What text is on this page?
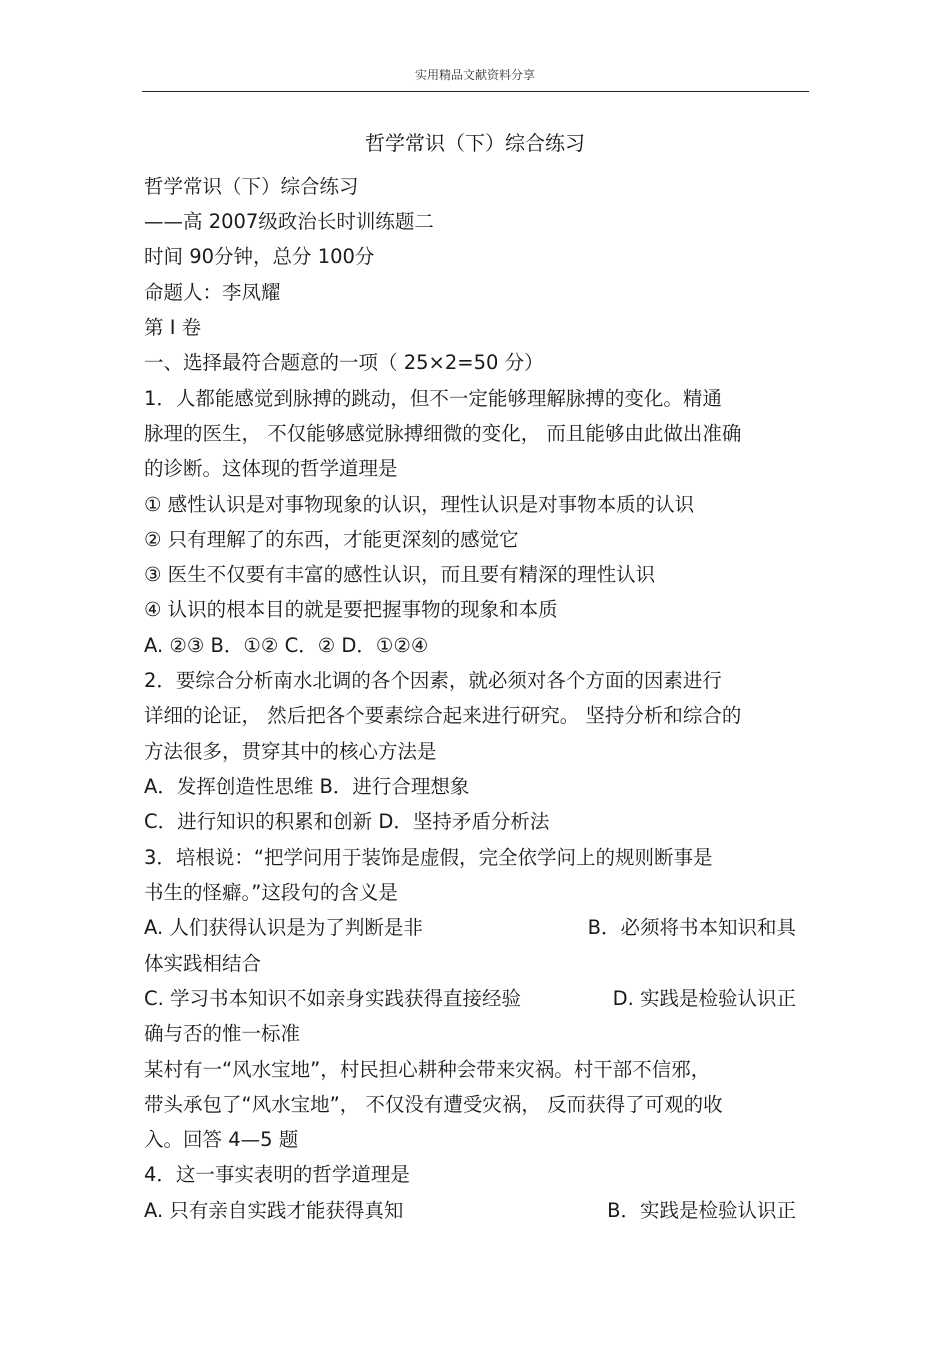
实用精品文献资料分享
哲学常识（下）综合练习
哲学常识（下）综合练习
——高 2007级政治长时训练题二
时间 90分钟，总分 100分
命题人：李凤耀
第 I 卷
一、选择最符合题意的一项（ 25×2=50 分）
1．人都能感觉到脉搏的跳动，但不一定能够理解脉搏的变化。精通
脉理的医生， 不仅能够感觉脉搏细微的变化， 而且能够由此做出准确
的诊断。这体现的哲学道理是
① 感性认识是对事物现象的认识，理性认识是对事物本质的认识
② 只有理解了的东西，才能更深刻的感觉它
③ 医生不仅要有丰富的感性认识，而且要有精深的理性认识
④ 认识的根本目的就是要把握事物的现象和本质
A. ②③ B．①② C．② D．①②④
2．要综合分析南水北调的各个因素，就必须对各个方面的因素进行
详细的论证， 然后把各个要素综合起来进行研究。 坚持分析和综合的
方法很多，贯穿其中的核心方法是
A．发挥创造性思维 B．进行合理想象
C．进行知识的积累和创新 D．坚持矛盾分析法
3．培根说：“把学问用于装饰是虚假，完全依学问上的规则断事是
书生的怪癖。”这段句的含义是
A. 人们获得认识是为了判断是非	B．必须将书本知识和具
体实践相结合
C. 学习书本知识不如亲身实践获得直接经验	D. 实践是检验认识正
确与否的惟一标准
某村有一“风水宝地”，村民担心耕种会带来灾祸。村干部不信邪，
带头承包了“风水宝地”， 不仅没有遭受灾祸， 反而获得了可观的收
入。回答 4—5 题
4．这一事实表明的哲学道理是
A. 只有亲自实践才能获得真知	B．实践是检验认识正
